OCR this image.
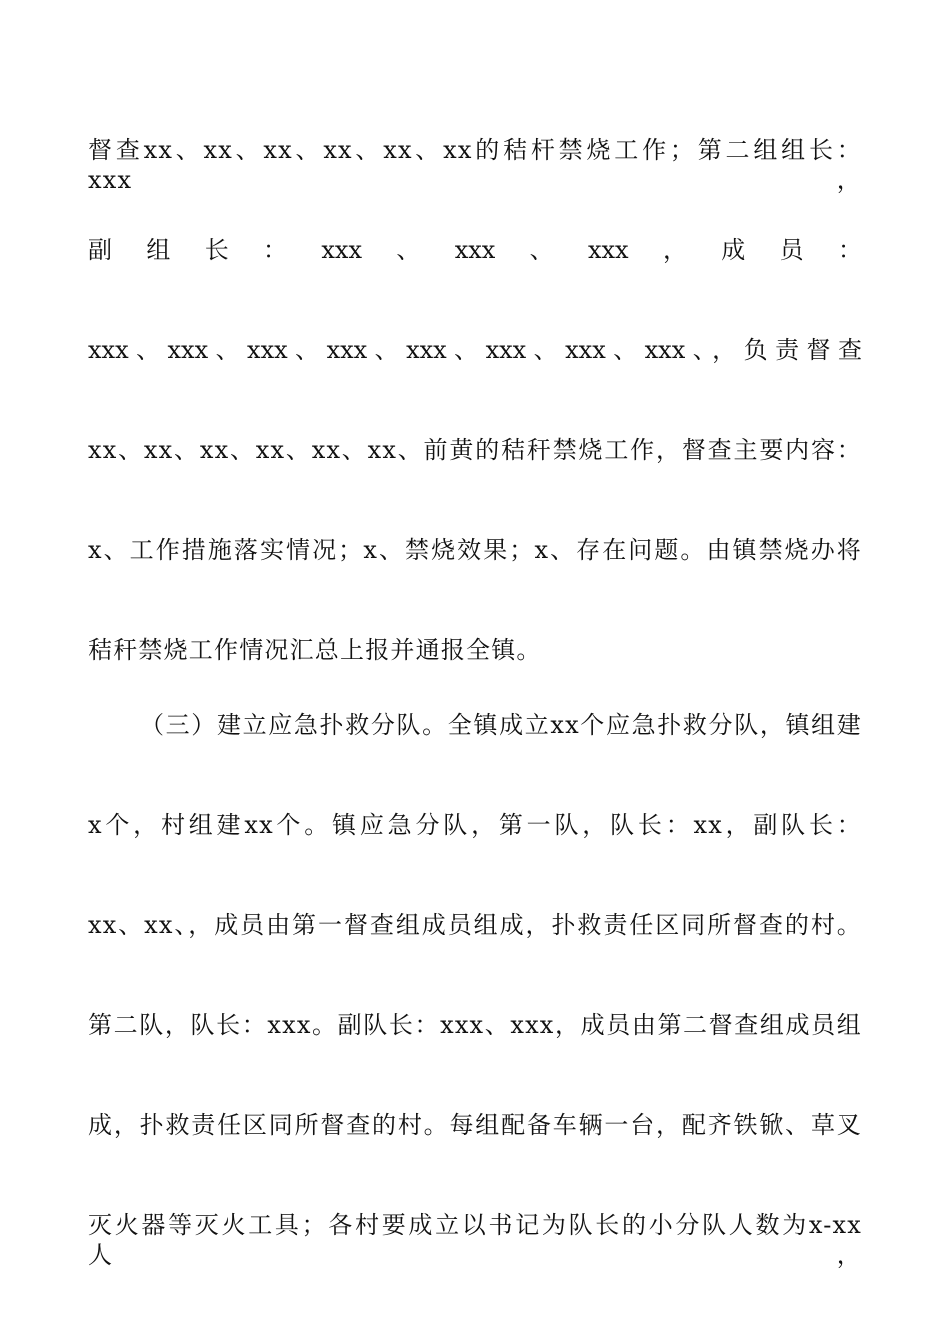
督查xx、xx、xx、xx、xx、xx的秸杆禁烧工作；第二组组长：xxx，
副组长：xxx、xxx、xxx，成员：
xxx、xxx、xxx、xxx、xxx、xxx、xxx、xxx、，负责督查
xx、xx、xx、xx、xx、xx、前黄的秸秆禁烧工作，督查主要内容：
x、工作措施落实情况；x、禁烧效果；x、存在问题。由镇禁烧办将
秸秆禁烧工作情况汇总上报并通报全镇。
（三）建立应急扑救分队。全镇成立xx个应急扑救分队，镇组建
x个，村组建xx个。镇应急分队，第一队，队长：xx，副队长：
xx、xx、，成员由第一督查组成员组成，扑救责任区同所督查的村。
第二队，队长：xxx。副队长：xxx、xxx，成员由第二督查组成员组
成，扑救责任区同所督查的村。每组配备车辆一台，配齐铁锨、草叉
灭火器等灭火工具；各村要成立以书记为队长的小分队人数为x-xx人，
